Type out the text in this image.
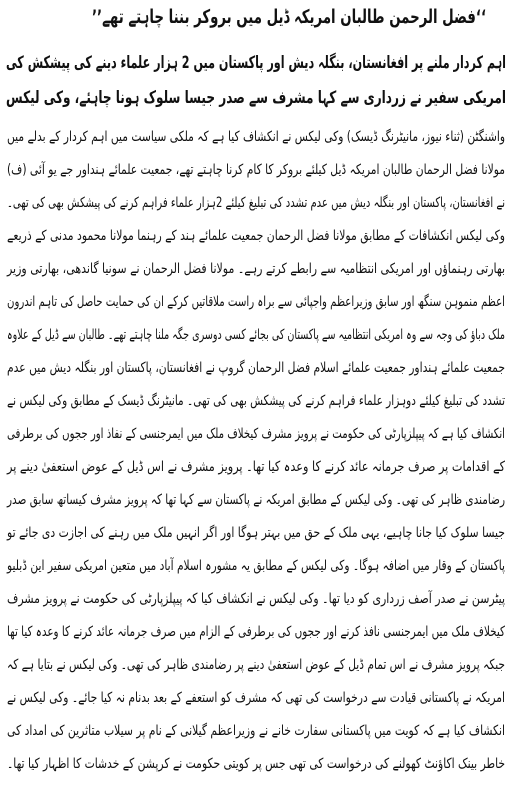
‘‘فضل الرحمن طالبان امریکہ ڈیل میں بروکر بننا چاہتے تھے’’
اہم کردار ملنے پر افغانستان، بنگلہ دیش اور پاکستان میں 2 ہزار علماء دینے کی پیشکش کی
امریکی سفیر نے زرداری سے کہا مشرف سے صدر جیسا سلوک ہونا چاہئے، وکی لیکس
واشنگٹن (ثناء نیوز، مانیٹرنگ ڈیسک) وکی لیکس نے انکشاف کیا ہے کہ ملکی سیاست میں اہم کردار کے بدلے میں
مولانا فضل الرحمان طالبان امریکہ ڈیل کیلئے بروکر کا کام کرنا چاہتے تھے، جمعیت علمائے ہنداور جے یو آئی (ف)
نے افغانستان، پاکستان اور بنگلہ دیش میں عدم تشدد کی تبلیغ کیلئے 2ہزار علماء فراہم کرنے کی پیشکش بھی کی تھی۔
وکی لیکس انکشافات کے مطابق مولانا فضل الرحمان جمعیت علمائے ہند کے رہنما مولانا محمود مدنی کے ذریعے
بھارتی رہنماؤں اور امریکی انتظامیہ سے رابطے کرتے رہے۔ مولانا فضل الرحمان نے سونیا گاندھی، بھارتی وزیر
اعظم منموہن سنگھ اور سابق وزیراعظم واجپائی سے براہ راست ملاقاتیں کرکے ان کی حمایت حاصل کی تاہم اندرون
ملک دباؤ کی وجہ سے وہ امریکی انتظامیہ سے پاکستان کی بجائے کسی دوسری جگہ ملنا چاہتے تھے۔ طالبان سے ڈیل کے علاوہ
جمعیت علمائے ہنداور جمعیت علمائے اسلام فضل الرحمان گروپ نے افغانستان، پاکستان اور بنگلہ دیش میں عدم
تشدد کی تبلیغ کیلئے دوہزار علماء فراہم کرنے کی پیشکش بھی کی تھی۔ مانیٹرنگ ڈیسک کے مطابق وکی لیکس نے
انکشاف کیا ہے کہ پیپلزپارٹی کی حکومت نے پرویز مشرف کیخلاف ملک میں ایمرجنسی کے نفاذ اور ججوں کی برطرفی
کے اقدامات پر صرف جرمانہ عائد کرنے کا وعدہ کیا تھا۔ پرویز مشرف نے اس ڈیل کے عوض استعفیٰ دینے پر
رضامندی ظاہر کی تھی۔ وکی لیکس کے مطابق امریکہ نے پاکستان سے کہا تھا کہ پرویز مشرف کیساتھ سابق صدر
جیسا سلوک کیا جانا چاہیے، یہی ملک کے حق میں بہتر ہوگا اور اگر انہیں ملک میں رہنے کی اجازت دی جائے تو
پاکستان کے وقار میں اضافہ ہوگا۔ وکی لیکس کے مطابق یہ مشورہ اسلام آباد میں متعین امریکی سفیر این ڈبلیو
پیٹرسن نے صدر آصف زرداری کو دیا تھا۔ وکی لیکس نے انکشاف کیا کہ پیپلزپارٹی کی حکومت نے پرویز مشرف
کیخلاف ملک میں ایمرجنسی نافذ کرنے اور ججوں کی برطرفی کے الزام میں صرف جرمانہ عائد کرنے کا وعدہ کیا تھا
جبکہ پرویز مشرف نے اس تمام ڈیل کے عوض استعفیٰ دینے پر رضامندی ظاہر کی تھی۔ وکی لیکس نے بتایا ہے کہ
امریکہ نے پاکستانی قیادت سے درخواست کی تھی کہ مشرف کو استعفے کے بعد بدنام نہ کیا جائے۔ وکی لیکس نے
انکشاف کیا ہے کہ کویت میں پاکستانی سفارت خانے نے وزیراعظم گیلانی کے نام پر سیلاب متاثرین کی امداد کی
خاطر بینک اکاؤنٹ کھولنے کی درخواست کی تھی جس پر کویتی حکومت نے کرپشن کے خدشات کا اظہار کیا تھا۔
